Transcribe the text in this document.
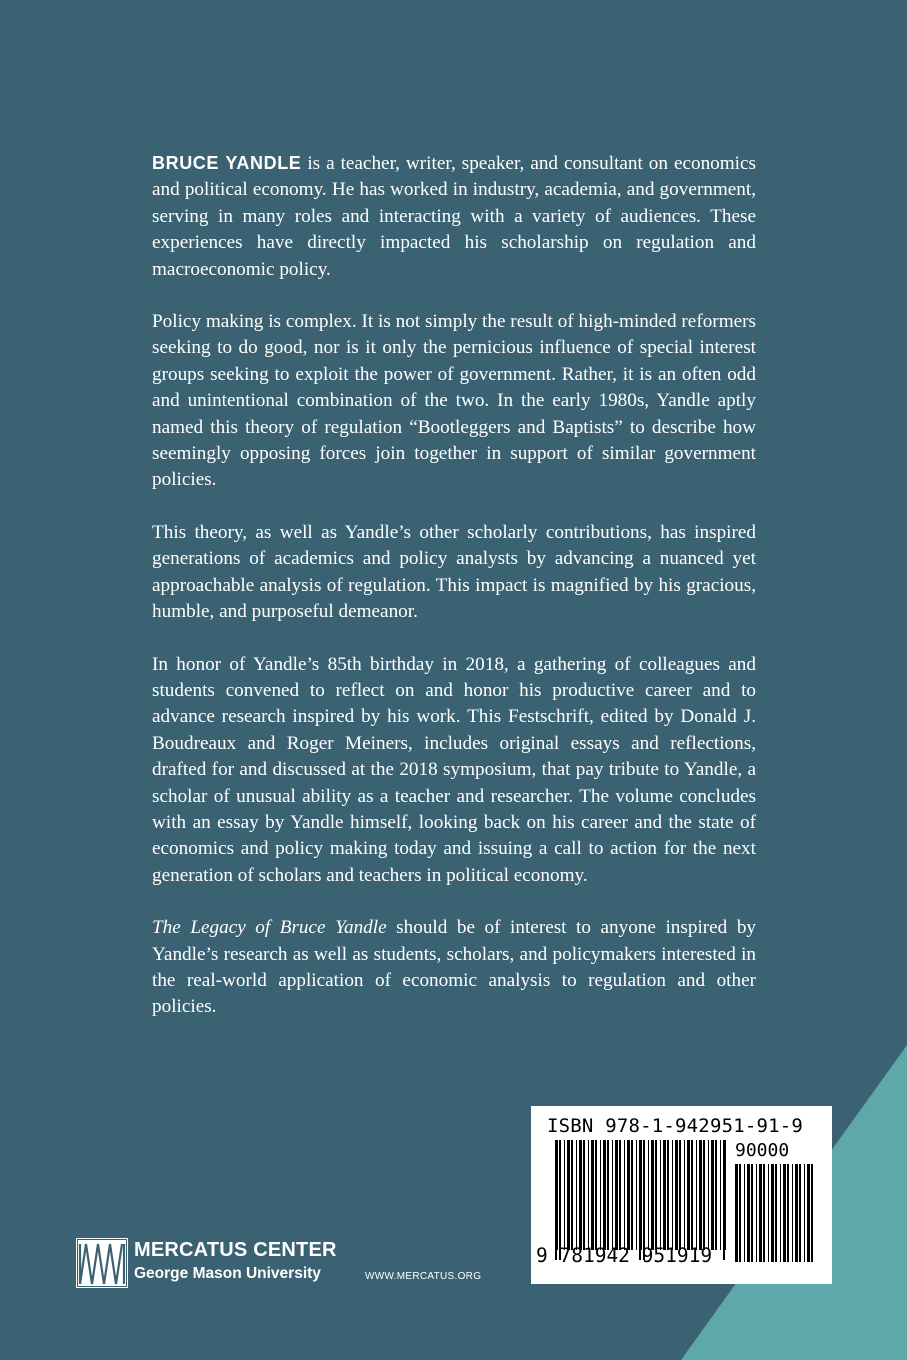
BRUCE YANDLE is a teacher, writer, speaker, and consultant on economics and political economy. He has worked in industry, academia, and government, serving in many roles and interacting with a variety of audiences. These experiences have directly impacted his scholarship on regulation and macroeconomic policy.

Policy making is complex. It is not simply the result of high-minded reformers seeking to do good, nor is it only the pernicious influence of special interest groups seeking to exploit the power of government. Rather, it is an often odd and unintentional combination of the two. In the early 1980s, Yandle aptly named this theory of regulation “Bootleggers and Baptists” to describe how seemingly opposing forces join together in support of similar government policies.

This theory, as well as Yandle’s other scholarly contributions, has inspired generations of academics and policy analysts by advancing a nuanced yet approachable analysis of regulation. This impact is magnified by his gracious, humble, and purposeful demeanor.

In honor of Yandle’s 85th birthday in 2018, a gathering of colleagues and students convened to reflect on and honor his productive career and to advance research inspired by his work. This Festschrift, edited by Donald J. Boudreaux and Roger Meiners, includes original essays and reflections, drafted for and discussed at the 2018 symposium, that pay tribute to Yandle, a scholar of unusual ability as a teacher and researcher. The volume concludes with an essay by Yandle himself, looking back on his career and the state of economics and policy making today and issuing a call to action for the next generation of scholars and teachers in political economy.

The Legacy of Bruce Yandle should be of interest to anyone inspired by Yandle’s research as well as students, scholars, and policymakers interested in the real-world application of economic analysis to regulation and other policies.

MERCATUS CENTER
George Mason University	WWW.MERCATUS.ORG
ISBN 978-1-942951-91-9
90000
9 781942 951919
